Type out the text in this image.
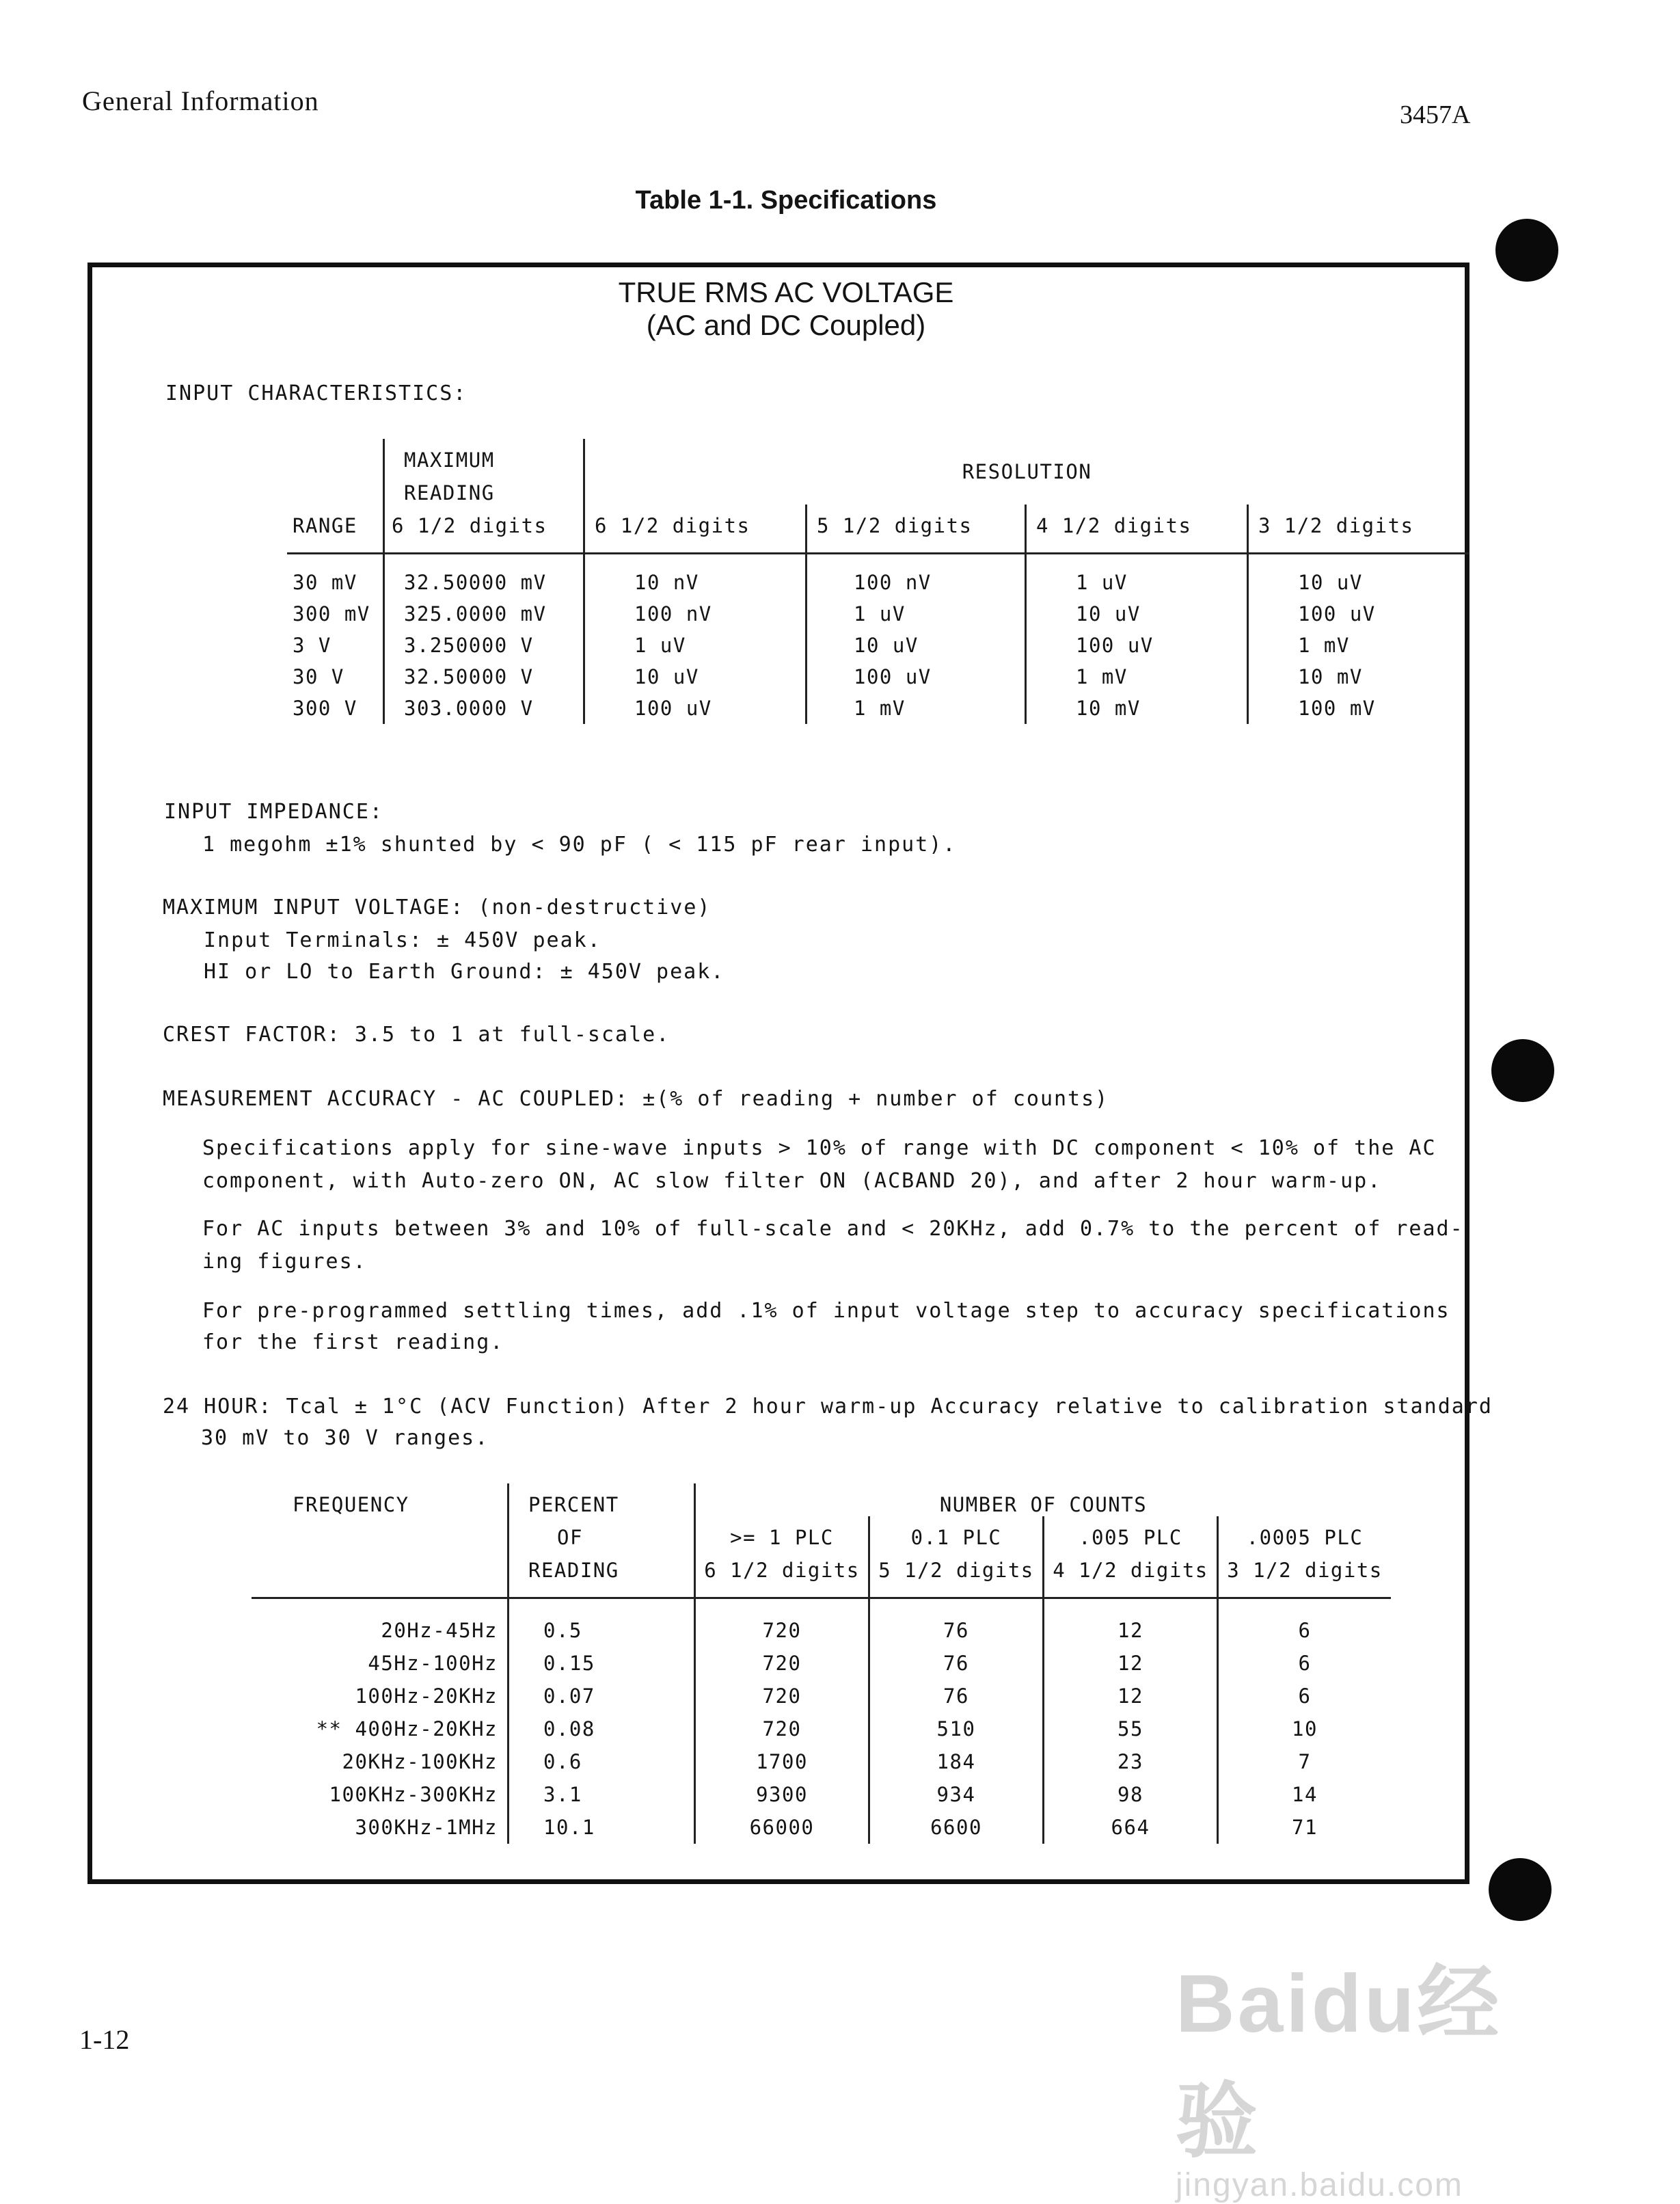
General Information	3457A
Table 1-1. Specifications
TRUE RMS AC VOLTAGE
(AC and DC Coupled)
INPUT CHARACTERISTICS:
	MAXIMUM	RESOLUTION			
	READING				
RANGE	6 1/2 digits	6 1/2 digits	5 1/2 digits	4 1/2 digits	3 1/2 digits
30 mV	32.50000 mV	10 nV	100 nV	1 uV	10 uV
300 mV	325.0000 mV	100 nV	1 uV	10 uV	100 uV
3 V	3.250000 V	1 uV	10 uV	100 uV	1 mV
30 V	32.50000 V	10 uV	100 uV	1 mV	10 mV
300 V	303.0000 V	100 uV	1 mV	10 mV	100 mV
INPUT IMPEDANCE:
1 megohm ±1% shunted by < 90 pF ( < 115 pF rear input).
MAXIMUM INPUT VOLTAGE: (non-destructive)
Input Terminals: ± 450V peak.
HI or LO to Earth Ground: ± 450V peak.
CREST FACTOR: 3.5 to 1 at full-scale.
MEASUREMENT ACCURACY - AC COUPLED: ±(% of reading + number of counts)
Specifications apply for sine-wave inputs > 10% of range with DC component < 10% of the AC
component, with Auto-zero ON, AC slow filter ON (ACBAND 20), and after 2 hour warm-up.
For AC inputs between 3% and 10% of full-scale and < 20KHz, add 0.7% to the percent of read-
ing figures.
For pre-programmed settling times, add .1% of input voltage step to accuracy specifications
for the first reading.
24 HOUR: Tcal ± 1°C (ACV Function) After 2 hour warm-up Accuracy relative to calibration standard
30 mV to 30 V ranges.
FREQUENCY	PERCENT	NUMBER OF COUNTS			
	OF	>= 1 PLC	0.1 PLC	.005 PLC	.0005 PLC
	READING	6 1/2 digits	5 1/2 digits	4 1/2 digits	3 1/2 digits
20Hz-45Hz	0.5	720	76	12	6
45Hz-100Hz	0.15	720	76	12	6
100Hz-20KHz	0.07	720	76	12	6
** 400Hz-20KHz	0.08	720	510	55	10
20KHz-100KHz	0.6	1700	184	23	7
100KHz-300KHz	3.1	9300	934	98	14
300KHz-1MHz	10.1	66000	6600	664	71
1-12	Baidu经验
jingyan.baidu.com
